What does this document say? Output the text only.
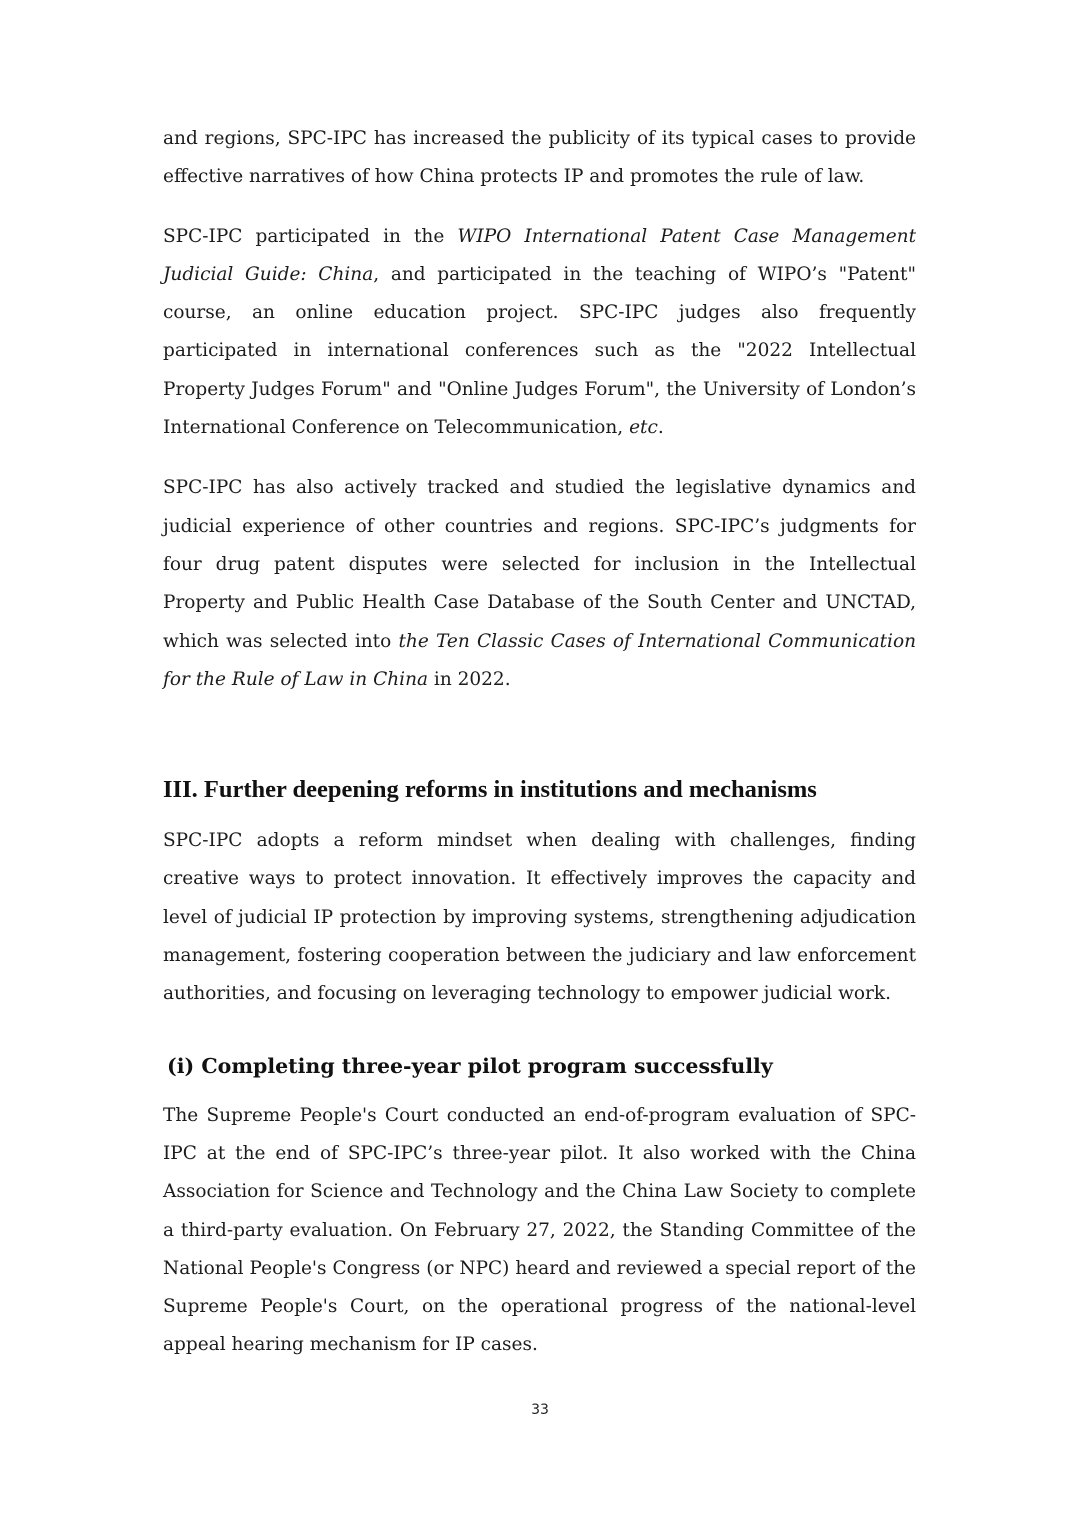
and regions, SPC-IPC has increased the publicity of its typical cases to provide effective narratives of how China protects IP and promotes the rule of law.

SPC-IPC participated in the WIPO International Patent Case Management Judicial Guide: China, and participated in the teaching of WIPO’s "Patent" course, an online education project. SPC-IPC judges also frequently participated in international conferences such as the "2022 Intellectual Property Judges Forum" and "Online Judges Forum", the University of London’s International Conference on Telecommunication, etc.

SPC-IPC has also actively tracked and studied the legislative dynamics and judicial experience of other countries and regions. SPC-IPC’s judgments for four drug patent disputes were selected for inclusion in the Intellectual Property and Public Health Case Database of the South Center and UNCTAD, which was selected into the Ten Classic Cases of International Communication for the Rule of Law in China in 2022.

III. Further deepening reforms in institutions and mechanisms

SPC-IPC adopts a reform mindset when dealing with challenges, finding creative ways to protect innovation. It effectively improves the capacity and level of judicial IP protection by improving systems, strengthening adjudication management, fostering cooperation between the judiciary and law enforcement authorities, and focusing on leveraging technology to empower judicial work.

(i) Completing three-year pilot program successfully

The Supreme People's Court conducted an end-of-program evaluation of SPC-IPC at the end of SPC-IPC’s three-year pilot. It also worked with the China Association for Science and Technology and the China Law Society to complete a third-party evaluation. On February 27, 2022, the Standing Committee of the National People's Congress (or NPC) heard and reviewed a special report of the Supreme People's Court, on the operational progress of the national-level appeal hearing mechanism for IP cases.

33
